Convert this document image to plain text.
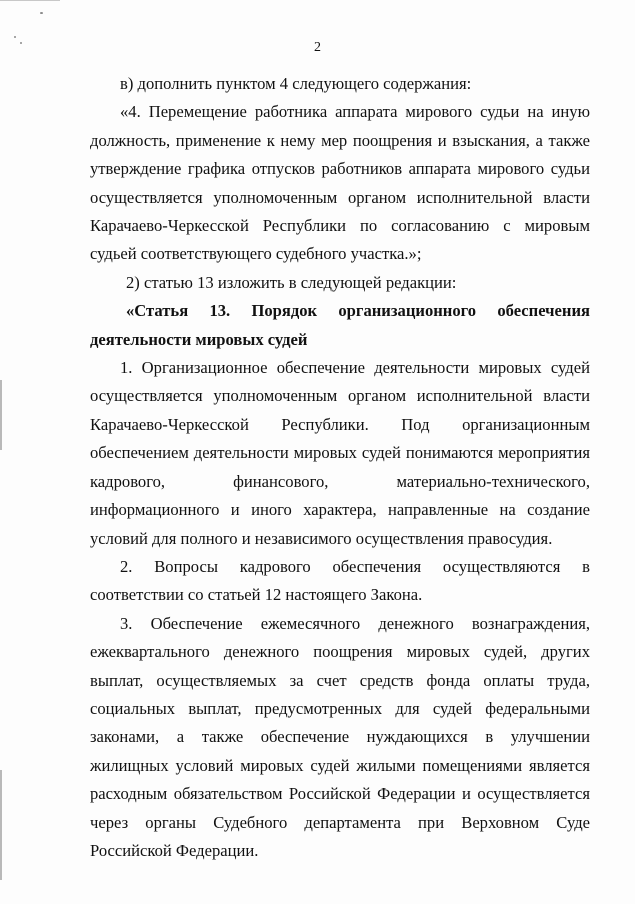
2

в) дополнить пунктом 4 следующего содержания:

«4. Перемещение работника аппарата мирового судьи на иную должность, применение к нему мер поощрения и взыскания, а также утверждение графика отпусков работников аппарата мирового судьи осуществляется уполномоченным органом исполнительной власти Карачаево-Черкесской Республики по согласованию с мировым судьей соответствующего судебного участка.»;

2) статью 13 изложить в следующей редакции:

«Статья 13. Порядок организационного обеспечения деятельности мировых судей

1. Организационное обеспечение деятельности мировых судей осуществляется уполномоченным органом исполнительной власти Карачаево-Черкесской Республики. Под организационным обеспечением деятельности мировых судей понимаются мероприятия кадрового, финансового, материально-технического, информационного и иного характера, направленные на создание условий для полного и независимого осуществления правосудия.

2. Вопросы кадрового обеспечения осуществляются в соответствии со статьей 12 настоящего Закона.

3. Обеспечение ежемесячного денежного вознаграждения, ежеквартального денежного поощрения мировых судей, других выплат, осуществляемых за счет средств фонда оплаты труда, социальных выплат, предусмотренных для судей федеральными законами, а также обеспечение нуждающихся в улучшении жилищных условий мировых судей жилыми помещениями является расходным обязательством Российской Федерации и осуществляется через органы Судебного департамента при Верховном Суде Российской Федерации.
